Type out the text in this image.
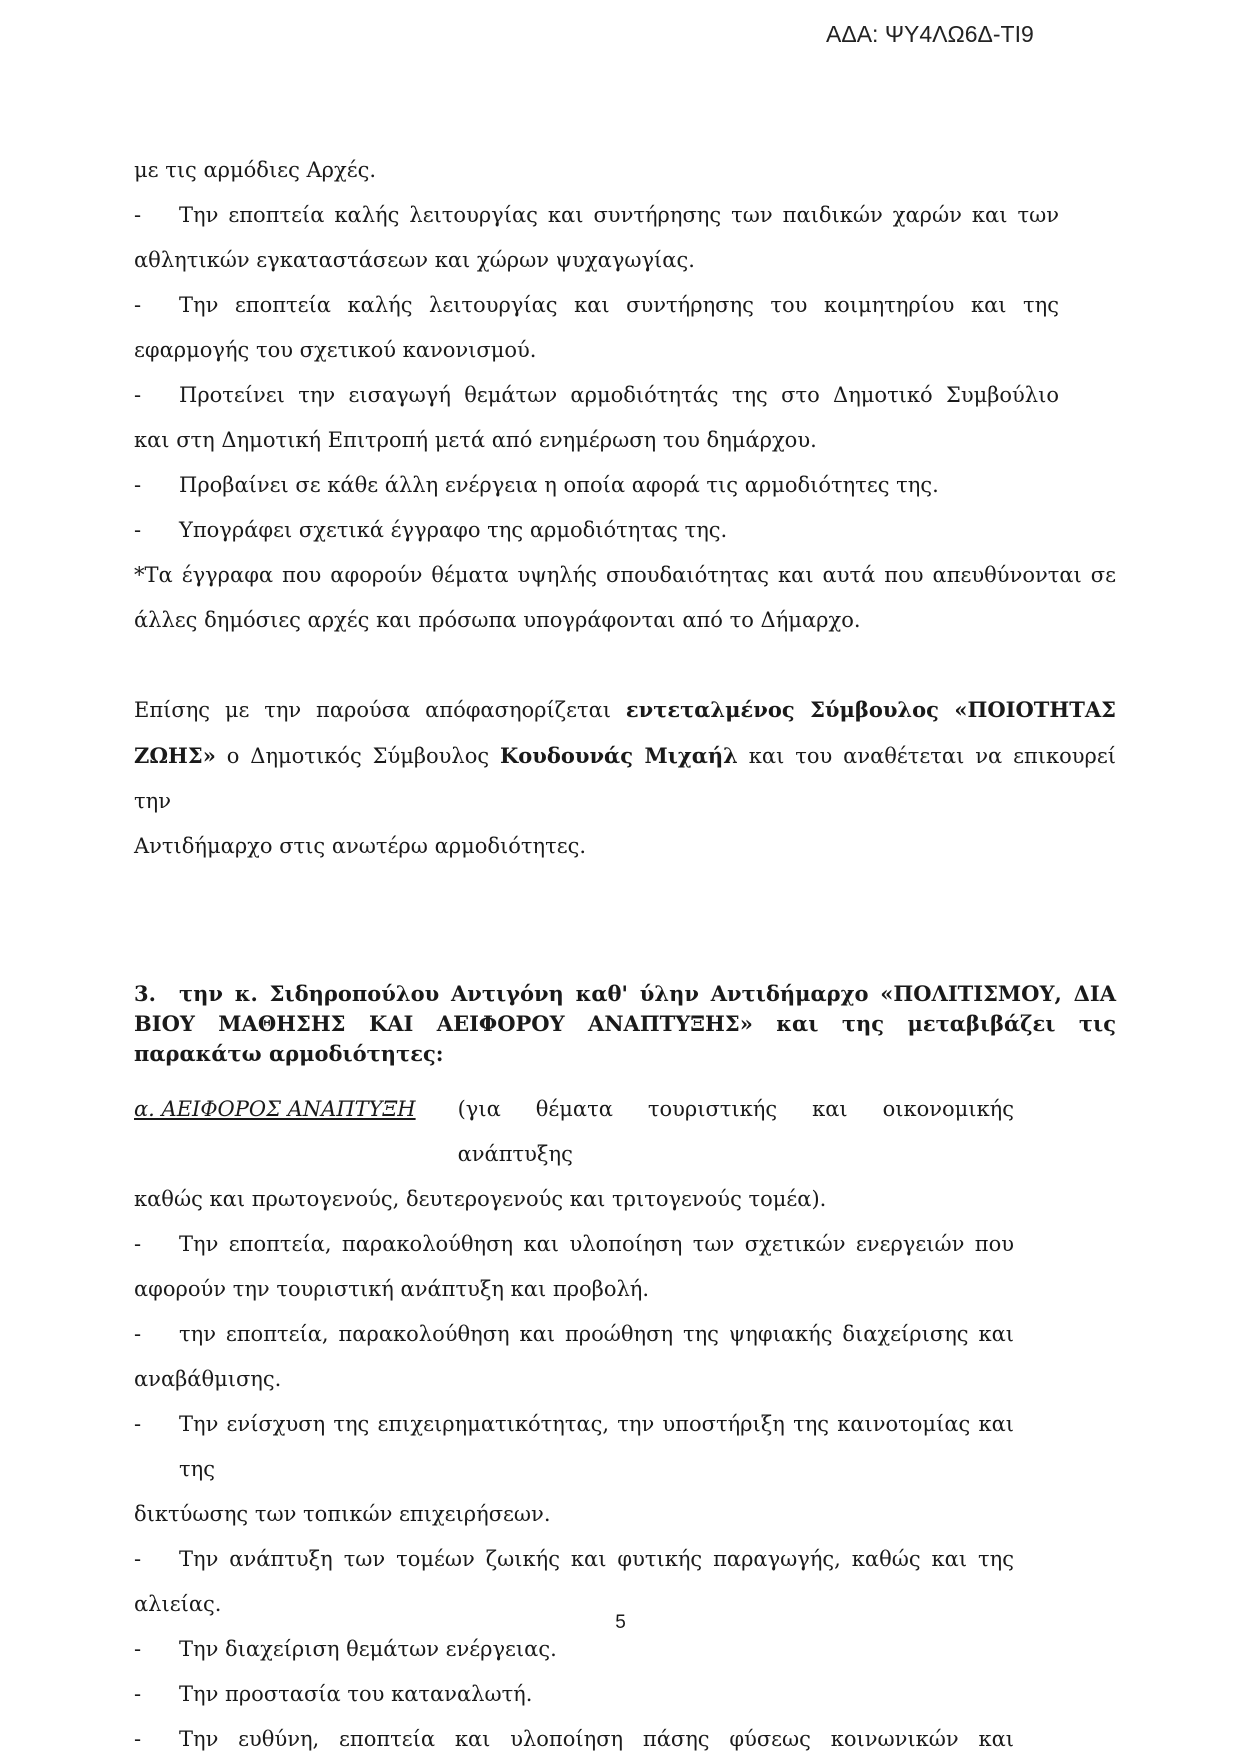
ΑΔΑ: ΨΥ4ΛΩ6Δ-ΤΙ9
με τις αρμόδιες Αρχές.
-	Την εποπτεία καλής λειτουργίας και συντήρησης των παιδικών χαρών και των
αθλητικών εγκαταστάσεων και χώρων ψυχαγωγίας.
-	Την εποπτεία καλής λειτουργίας και συντήρησης του κοιμητηρίου και της
εφαρμογής του σχετικού κανονισμού.
-	Προτείνει την εισαγωγή θεμάτων αρμοδιότητάς της στο Δημοτικό Συμβούλιο
και στη Δημοτική Επιτροπή μετά από ενημέρωση του δημάρχου.
-	Προβαίνει σε κάθε άλλη ενέργεια η οποία αφορά τις αρμοδιότητες της.
-	Υπογράφει σχετικά έγγραφο της αρμοδιότητας της.
*Τα έγγραφα που αφορούν θέματα υψηλής σπουδαιότητας και αυτά που απευθύνονται σε
άλλες δημόσιες αρχές και πρόσωπα υπογράφονται από το Δήμαρχο.
Επίσης με την παρούσα απόφασηορίζεται εντεταλμένος Σύμβουλος «ΠΟΙΟΤΗΤΑΣ
ΖΩΗΣ» ο Δημοτικός Σύμβουλος Κουδουνάς Μιχαήλ και του αναθέτεται να επικουρεί την
Αντιδήμαρχο στις ανωτέρω αρμοδιότητες.
3. την κ. Σιδηροπούλου Αντιγόνη καθ' ύλην Αντιδήμαρχο «ΠΟΛΙΤΙΣΜΟΥ, ΔΙΑ
ΒΙΟΥ ΜΑΘΗΣΗΣ ΚΑΙ ΑΕΙΦΟΡΟΥ ΑΝΑΠΤΥΞΗΣ» και της μεταβιβάζει τις
παρακάτω αρμοδιότητες:
α. ΑΕΙΦΟΡΟΣ ΑΝΑΠΤΥΞΗ (για θέματα τουριστικής και οικονομικής ανάπτυξης
καθώς και πρωτογενούς, δευτερογενούς και τριτογενούς τομέα).
-	Την εποπτεία, παρακολούθηση και υλοποίηση των σχετικών ενεργειών που
αφορούν την τουριστική ανάπτυξη και προβολή.
-	την εποπτεία, παρακολούθηση και προώθηση της ψηφιακής διαχείρισης και
αναβάθμισης.
-	Την ενίσχυση της επιχειρηματικότητας, την υποστήριξη της καινοτομίας και της
δικτύωσης των τοπικών επιχειρήσεων.
-	Την ανάπτυξη των τομέων ζωικής και φυτικής παραγωγής, καθώς και της
αλιείας.
-	Την διαχείριση θεμάτων ενέργειας.
-	Την προστασία του καταναλωτή.
-	Την ευθύνη, εποπτεία και υλοποίηση πάσης φύσεως κοινωνικών και
5
